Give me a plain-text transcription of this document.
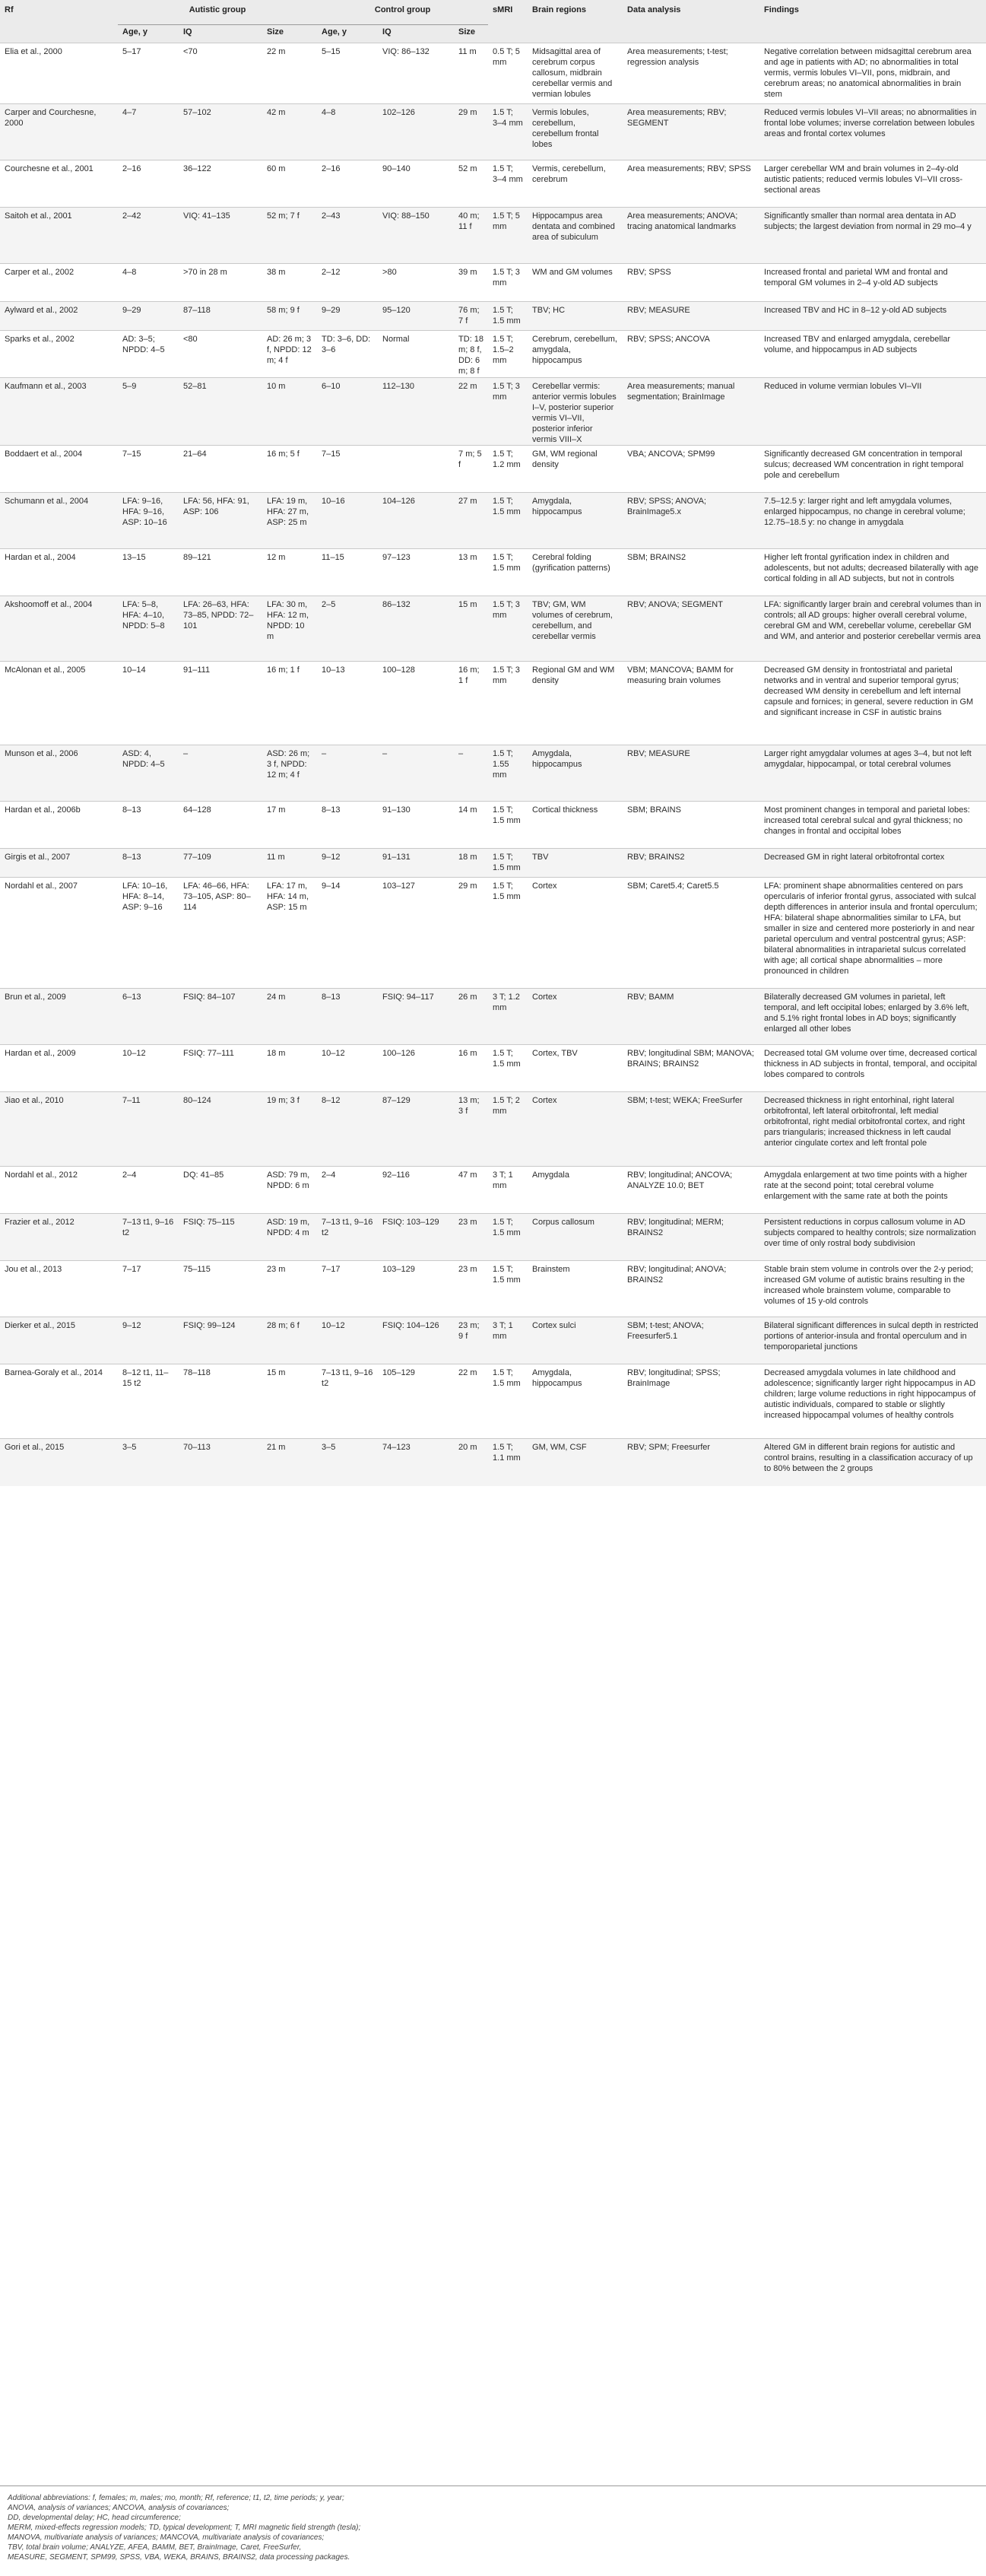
Rf	Autistic group			Control group			sMRI	Brain regions	Data analysis	Findings
	Age, y	IQ	Size	Age, y	IQ	Size				
Elia et al., 2000	5–17	<70	22 m	5–15	VIQ: 86–132	11 m	0.5 T; 5 mm	Midsagittal area of cerebrum corpus callosum, midbrain cerebellar vermis and vermian lobules	Area measurements; t-test; regression analysis	Negative correlation between midsagittal cerebrum area and age in patients with AD; no abnormalities in total vermis, vermis lobules VI–VII, pons, midbrain, and cerebrum areas; no anatomical abnormalities in brain stem
Carper and Courchesne, 2000	4–7	57–102	42 m	4–8	102–126	29 m	1.5 T; 3–4 mm	Vermis lobules, cerebellum, cerebellum frontal lobes	Area measurements; RBV; SEGMENT	Reduced vermis lobules VI–VII areas; no abnormalities in frontal lobe volumes; inverse correlation between lobules areas and frontal cortex volumes
Courchesne et al., 2001	2–16	36–122	60 m	2–16	90–140	52 m	1.5 T; 3–4 mm	Vermis, cerebellum, cerebrum	Area measurements; RBV; SPSS	Larger cerebellar WM and brain volumes in 2–4y-old autistic patients; reduced vermis lobules VI–VII cross-sectional areas
Saitoh et al., 2001	2–42	VIQ: 41–135	52 m; 7 f	2–43	VIQ: 88–150	40 m; 11 f	1.5 T; 5 mm	Hippocampus area dentata and combined area of subiculum	Area measurements; ANOVA; tracing anatomical landmarks	Significantly smaller than normal area dentata in AD subjects; the largest deviation from normal in 29 mo–4 y
Carper et al., 2002	4–8	>70 in 28 m	38 m	2–12	>80	39 m	1.5 T; 3 mm	WM and GM volumes	RBV; SPSS	Increased frontal and parietal WM and frontal and temporal GM volumes in 2–4 y-old AD subjects
Aylward et al., 2002	9–29	87–118	58 m; 9 f	9–29	95–120	76 m; 7 f	1.5 T; 1.5 mm	TBV; HC	RBV; MEASURE	Increased TBV and HC in 8–12 y-old AD subjects
Sparks et al., 2002	AD: 3–5; NPDD: 4–5	<80	AD: 26 m; 3 f, NPDD: 12 m; 4 f	TD: 3–6, DD: 3–6	Normal	TD: 18 m; 8 f, DD: 6 m; 8 f	1.5 T; 1.5–2 mm	Cerebrum, cerebellum, amygdala, hippocampus	RBV; SPSS; ANCOVA	Increased TBV and enlarged amygdala, cerebellar volume, and hippocampus in AD subjects
Kaufmann et al., 2003	5–9	52–81	10 m	6–10	112–130	22 m	1.5 T; 3 mm	Cerebellar vermis: anterior vermis lobules I–V, posterior superior vermis VI–VII, posterior inferior vermis VIII–X	Area measurements; manual segmentation; BrainImage	Reduced in volume vermian lobules VI–VII
Boddaert et al., 2004	7–15	21–64	16 m; 5 f	7–15		7 m; 5 f	1.5 T; 1.2 mm	GM, WM regional density	VBA; ANCOVA; SPM99	Significantly decreased GM concentration in temporal sulcus; decreased WM concentration in right temporal pole and cerebellum
Schumann et al., 2004	LFA: 9–16, HFA: 9–16, ASP: 10–16	LFA: 56, HFA: 91, ASP: 106	LFA: 19 m, HFA: 27 m, ASP: 25 m	10–16	104–126	27 m	1.5 T; 1.5 mm	Amygdala, hippocampus	RBV; SPSS; ANOVA; BrainImage5.x	7.5–12.5 y: larger right and left amygdala volumes, enlarged hippocampus, no change in cerebral volume; 12.75–18.5 y: no change in amygdala
Hardan et al., 2004	13–15	89–121	12 m	11–15	97–123	13 m	1.5 T; 1.5 mm	Cerebral folding (gyrification patterns)	SBM; BRAINS2	Higher left frontal gyrification index in children and adolescents, but not adults; decreased bilaterally with age cortical folding in all AD subjects, but not in controls
Akshoomoff et al., 2004	LFA: 5–8, HFA: 4–10, NPDD: 5–8	LFA: 26–63, HFA: 73–85, NPDD: 72–101	LFA: 30 m, HFA: 12 m, NPDD: 10 m	2–5	86–132	15 m	1.5 T; 3 mm	TBV; GM, WM volumes of cerebrum, cerebellum, and cerebellar vermis	RBV; ANOVA; SEGMENT	LFA: significantly larger brain and cerebral volumes than in controls; all AD groups: higher overall cerebral volume, cerebral GM and WM, cerebellar volume, cerebellar GM and WM, and anterior and posterior cerebellar vermis area
McAlonan et al., 2005	10–14	91–111	16 m; 1 f	10–13	100–128	16 m; 1 f	1.5 T; 3 mm	Regional GM and WM density	VBM; MANCOVA; BAMM for measuring brain volumes	Decreased GM density in frontostriatal and parietal networks and in ventral and superior temporal gyrus; decreased WM density in cerebellum and left internal capsule and fornices; in general, severe reduction in GM and significant increase in CSF in autistic brains
Munson et al., 2006	ASD: 4, NPDD: 4–5	–	ASD: 26 m; 3 f, NPDD: 12 m; 4 f	–	–	–	1.5 T; 1.55 mm	Amygdala, hippocampus	RBV; MEASURE	Larger right amygdalar volumes at ages 3–4, but not left amygdalar, hippocampal, or total cerebral volumes
Hardan et al., 2006b	8–13	64–128	17 m	8–13	91–130	14 m	1.5 T; 1.5 mm	Cortical thickness	SBM; BRAINS	Most prominent changes in temporal and parietal lobes: increased total cerebral sulcal and gyral thickness; no changes in frontal and occipital lobes
Girgis et al., 2007	8–13	77–109	11 m	9–12	91–131	18 m	1.5 T; 1.5 mm	TBV	RBV; BRAINS2	Decreased GM in right lateral orbitofrontal cortex
Nordahl et al., 2007	LFA: 10–16, HFA: 8–14, ASP: 9–16	LFA: 46–66, HFA: 73–105, ASP: 80–114	LFA: 17 m, HFA: 14 m, ASP: 15 m	9–14	103–127	29 m	1.5 T; 1.5 mm	Cortex	SBM; Caret5.4; Caret5.5	LFA: prominent shape abnormalities centered on pars opercularis of inferior frontal gyrus, associated with sulcal depth differences in anterior insula and frontal operculum; HFA: bilateral shape abnormalities similar to LFA, but smaller in size and centered more posteriorly in and near parietal operculum and ventral postcentral gyrus; ASP: bilateral abnormalities in intraparietal sulcus correlated with age; all cortical shape abnormalities – more pronounced in children
Brun et al., 2009	6–13	FSIQ: 84–107	24 m	8–13	FSIQ: 94–117	26 m	3 T; 1.2 mm	Cortex	RBV; BAMM	Bilaterally decreased GM volumes in parietal, left temporal, and left occipital lobes; enlarged by 3.6% left, and 5.1% right frontal lobes in AD boys; significantly enlarged all other lobes
Hardan et al., 2009	10–12	FSIQ: 77–111	18 m	10–12	100–126	16 m	1.5 T; 1.5 mm	Cortex, TBV	RBV; longitudinal SBM; MANOVA; BRAINS; BRAINS2	Decreased total GM volume over time, decreased cortical thickness in AD subjects in frontal, temporal, and occipital lobes compared to controls
Jiao et al., 2010	7–11	80–124	19 m; 3 f	8–12	87–129	13 m; 3 f	1.5 T; 2 mm	Cortex	SBM; t-test; WEKA; FreeSurfer	Decreased thickness in right entorhinal, right lateral orbitofrontal, left lateral orbitofrontal, left medial orbitofrontal, right medial orbitofrontal cortex, and right pars triangularis; increased thickness in left caudal anterior cingulate cortex and left frontal pole
Nordahl et al., 2012	2–4	DQ: 41–85	ASD: 79 m, NPDD: 6 m	2–4	92–116	47 m	3 T; 1 mm	Amygdala	RBV; longitudinal; ANCOVA; ANALYZE 10.0; BET	Amygdala enlargement at two time points with a higher rate at the second point; total cerebral volume enlargement with the same rate at both the points
Frazier et al., 2012	7–13 t1, 9–16 t2	FSIQ: 75–115	ASD: 19 m, NPDD: 4 m	7–13 t1, 9–16 t2	FSIQ: 103–129	23 m	1.5 T; 1.5 mm	Corpus callosum	RBV; longitudinal; MERM; BRAINS2	Persistent reductions in corpus callosum volume in AD subjects compared to healthy controls; size normalization over time of only rostral body subdivision
Jou et al., 2013	7–17	75–115	23 m	7–17	103–129	23 m	1.5 T; 1.5 mm	Brainstem	RBV; longitudinal; ANOVA; BRAINS2	Stable brain stem volume in controls over the 2-y period; increased GM volume of autistic brains resulting in the increased whole brainstem volume, comparable to volumes of 15 y-old controls
Dierker et al., 2015	9–12	FSIQ: 99–124	28 m; 6 f	10–12	FSIQ: 104–126	23 m; 9 f	3 T; 1 mm	Cortex sulci	SBM; t-test; ANOVA; Freesurfer5.1	Bilateral significant differences in sulcal depth in restricted portions of anterior-insula and frontal operculum and in temporoparietal junctions
Barnea-Goraly et al., 2014	8–12 t1, 11–15 t2	78–118	15 m	7–13 t1, 9–16 t2	105–129	22 m	1.5 T; 1.5 mm	Amygdala, hippocampus	RBV; longitudinal; SPSS; BrainImage	Decreased amygdala volumes in late childhood and adolescence; significantly larger right hippocampus in AD children; large volume reductions in right hippocampus of autistic individuals, compared to stable or slightly increased hippocampal volumes of healthy controls
Gori et al., 2015	3–5	70–113	21 m	3–5	74–123	20 m	1.5 T; 1.1 mm	GM, WM, CSF	RBV; SPM; Freesurfer	Altered GM in different brain regions for autistic and control brains, resulting in a classification accuracy of up to 80% between the 2 groups
Additional abbreviations: f, females; m, males; mo, month; Rf, reference; t1, t2, time periods; y, year;
ANOVA, analysis of variances; ANCOVA, analysis of covariances;
DD, developmental delay; HC, head circumference;
MERM, mixed-effects regression models; TD, typical development; T, MRI magnetic field strength (tesla);
MANOVA, multivariate analysis of variances; MANCOVA, multivariate analysis of covariances;
TBV, total brain volume; ANALYZE, AFEA, BAMM, BET, BrainImage, Caret, FreeSurfer,
MEASURE, SEGMENT, SPM99, SPSS, VBA, WEKA, BRAINS, BRAINS2, data processing packages.
